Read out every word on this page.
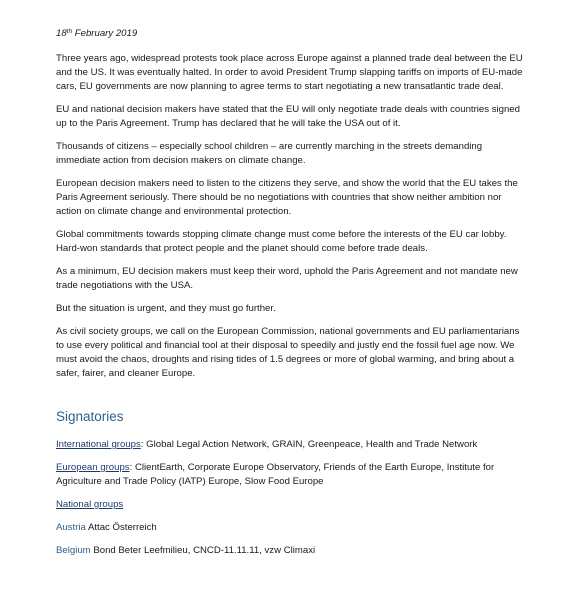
18th February 2019

Three years ago, widespread protests took place across Europe against a planned trade deal between the EU and the US. It was eventually halted. In order to avoid President Trump slapping tariffs on imports of EU-made cars, EU governments are now planning to agree terms to start negotiating a new transatlantic trade deal.

EU and national decision makers have stated that the EU will only negotiate trade deals with countries signed up to the Paris Agreement. Trump has declared that he will take the USA out of it.

Thousands of citizens – especially school children – are currently marching in the streets demanding immediate action from decision makers on climate change.

European decision makers need to listen to the citizens they serve, and show the world that the EU takes the Paris Agreement seriously. There should be no negotiations with countries that show neither ambition nor action on climate change and environmental protection.

Global commitments towards stopping climate change must come before the interests of the EU car lobby. Hard-won standards that protect people and the planet should come before trade deals.

As a minimum, EU decision makers must keep their word, uphold the Paris Agreement and not mandate new trade negotiations with the USA.

But the situation is urgent, and they must go further.

As civil society groups, we call on the European Commission, national governments and EU parliamentarians to use every political and financial tool at their disposal to speedily and justly end the fossil fuel age now. We must avoid the chaos, droughts and rising tides of 1.5 degrees or more of global warming, and bring about a safer, fairer, and cleaner Europe.

Signatories

International groups: Global Legal Action Network, GRAIN, Greenpeace, Health and Trade Network

European groups: ClientEarth, Corporate Europe Observatory, Friends of the Earth Europe, Institute for Agriculture and Trade Policy (IATP) Europe, Slow Food Europe

National groups

Austria Attac Österreich

Belgium Bond Beter Leefmilieu, CNCD-11.11.11, vzw Climaxi
